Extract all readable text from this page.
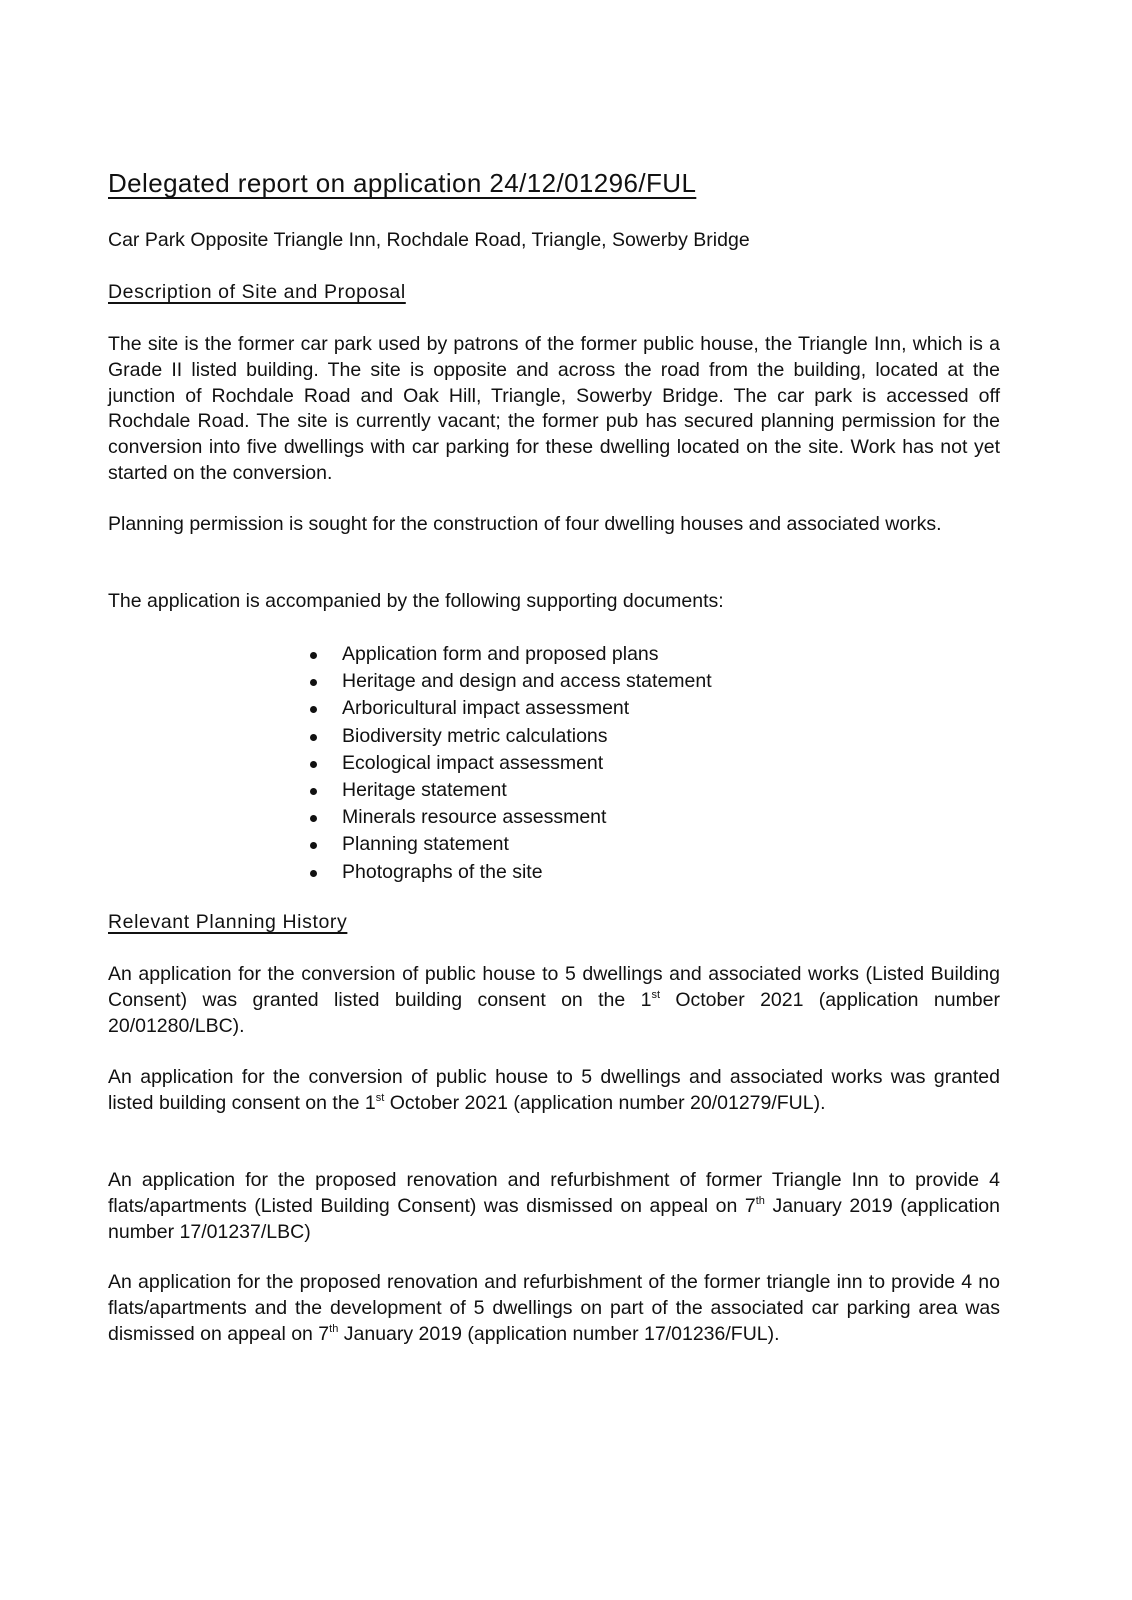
Delegated report on application 24/12/01296/FUL
Car Park Opposite Triangle Inn, Rochdale Road, Triangle, Sowerby Bridge
Description of Site and Proposal

The site is the former car park used by patrons of the former public house, the Triangle Inn, which is a Grade II listed building. The site is opposite and across the road from the building, located at the junction of Rochdale Road and Oak Hill, Triangle, Sowerby Bridge. The car park is accessed off Rochdale Road. The site is currently vacant; the former pub has secured planning permission for the conversion into five dwellings with car parking for these dwelling located on the site. Work has not yet started on the conversion.

Planning permission is sought for the construction of four dwelling houses and associated works.

The application is accompanied by the following supporting documents:

Application form and proposed plans
Heritage and design and access statement
Arboricultural impact assessment
Biodiversity metric calculations
Ecological impact assessment
Heritage statement
Minerals resource assessment
Planning statement
Photographs of the site
Relevant Planning History

An application for the conversion of public house to 5 dwellings and associated works (Listed Building Consent) was granted listed building consent on the 1st October 2021 (application number 20/01280/LBC).

An application for the conversion of public house to 5 dwellings and associated works was granted listed building consent on the 1st October 2021 (application number 20/01279/FUL).

An application for the proposed renovation and refurbishment of former Triangle Inn to provide 4 flats/apartments (Listed Building Consent) was dismissed on appeal on 7th January 2019 (application number 17/01237/LBC)

An application for the proposed renovation and refurbishment of the former triangle inn to provide 4 no flats/apartments and the development of 5 dwellings on part of the associated car parking area was dismissed on appeal on 7th January 2019 (application number 17/01236/FUL).
